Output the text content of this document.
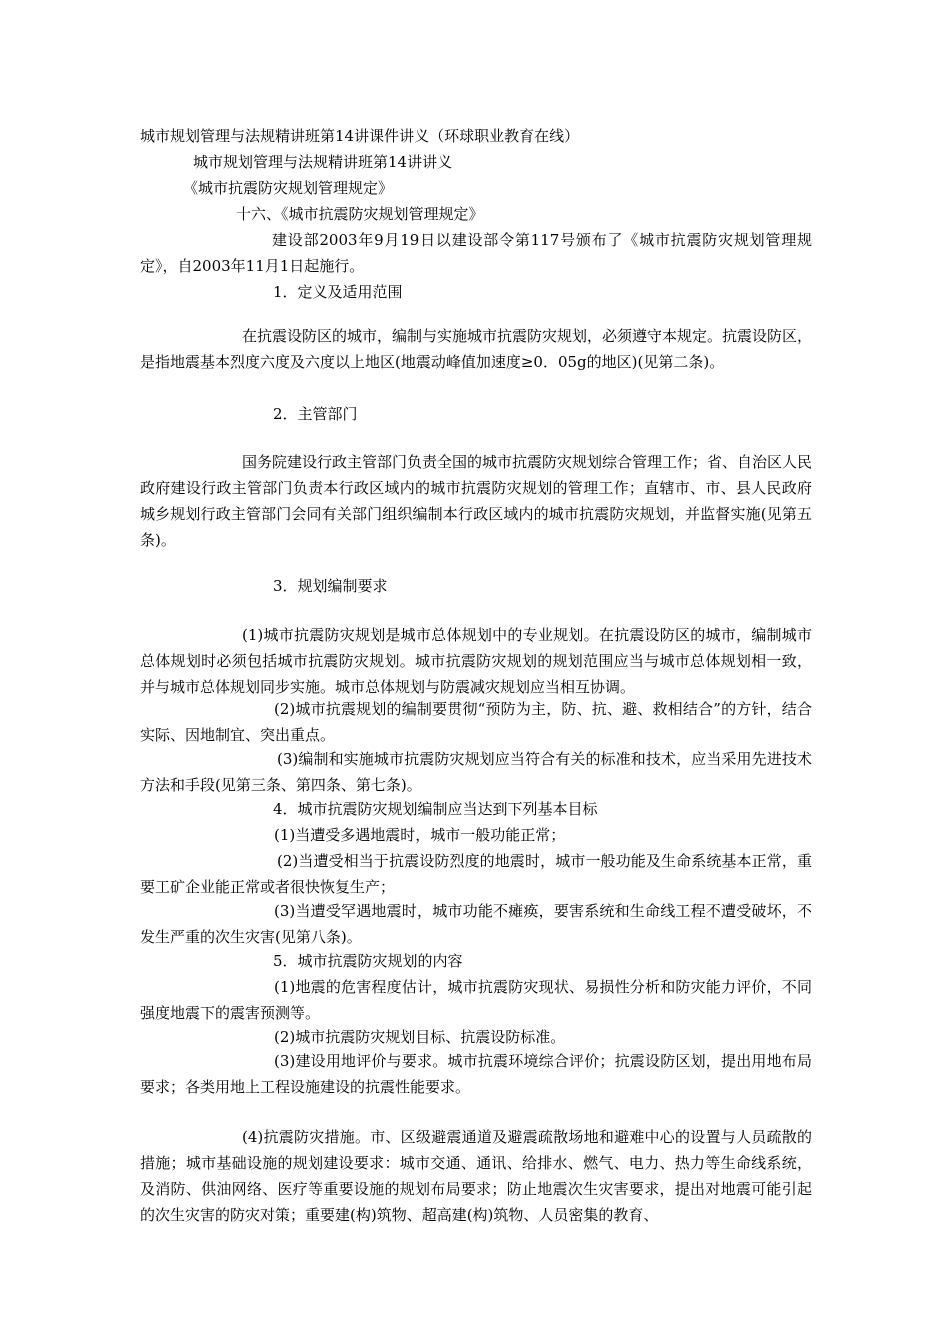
城市规划管理与法规精讲班第14讲课件讲义（环球职业教育在线）
城市规划管理与法规精讲班第14讲讲义
《城市抗震防灾规划管理规定》
十六、《城市抗震防灾规划管理规定》

建设部2003年9月19日以建设部令第117号颁布了《城市抗震防灾规划管理规定》，自2003年11月1日起施行。

1．定义及适用范围

在抗震设防区的城市，编制与实施城市抗震防灾规划，必须遵守本规定。抗震设防区，是指地震基本烈度六度及六度以上地区(地震动峰值加速度≥0．05g的地区)(见第二条)。

2．主管部门

国务院建设行政主管部门负责全国的城市抗震防灾规划综合管理工作；省、自治区人民政府建设行政主管部门负责本行政区域内的城市抗震防灾规划的管理工作；直辖市、市、县人民政府城乡规划行政主管部门会同有关部门组织编制本行政区域内的城市抗震防灾规划，并监督实施(见第五条)。

3．规划编制要求

(1)城市抗震防灾规划是城市总体规划中的专业规划。在抗震设防区的城市，编制城市总体规划时必须包括城市抗震防灾规划。城市抗震防灾规划的规划范围应当与城市总体规划相一致，并与城市总体规划同步实施。城市总体规划与防震减灾规划应当相互协调。

(2)城市抗震规划的编制要贯彻“预防为主，防、抗、避、救相结合”的方针，结合实际、因地制宜、突出重点。

(3)编制和实施城市抗震防灾规划应当符合有关的标准和技术，应当采用先进技术方法和手段(见第三条、第四条、第七条)。

4．城市抗震防灾规划编制应当达到下列基本目标

(1)当遭受多遇地震时，城市一般功能正常；

(2)当遭受相当于抗震设防烈度的地震时，城市一般功能及生命系统基本正常，重要工矿企业能正常或者很快恢复生产；

(3)当遭受罕遇地震时，城市功能不瘫痪，要害系统和生命线工程不遭受破坏，不发生严重的次生灾害(见第八条)。

5．城市抗震防灾规划的内容

(1)地震的危害程度估计，城市抗震防灾现状、易损性分析和防灾能力评价，不同强度地震下的震害预测等。

(2)城市抗震防灾规划目标、抗震设防标准。

(3)建设用地评价与要求。城市抗震环境综合评价；抗震设防区划，提出用地布局要求；各类用地上工程设施建设的抗震性能要求。

(4)抗震防灾措施。市、区级避震通道及避震疏散场地和避难中心的设置与人员疏散的措施；城市基础设施的规划建设要求：城市交通、通讯、给排水、燃气、电力、热力等生命线系统，及消防、供油网络、医疗等重要设施的规划布局要求；防止地震次生灾害要求，提出对地震可能引起的次生灾害的防灾对策；重要建(构)筑物、超高建(构)筑物、人员密集的教育、
